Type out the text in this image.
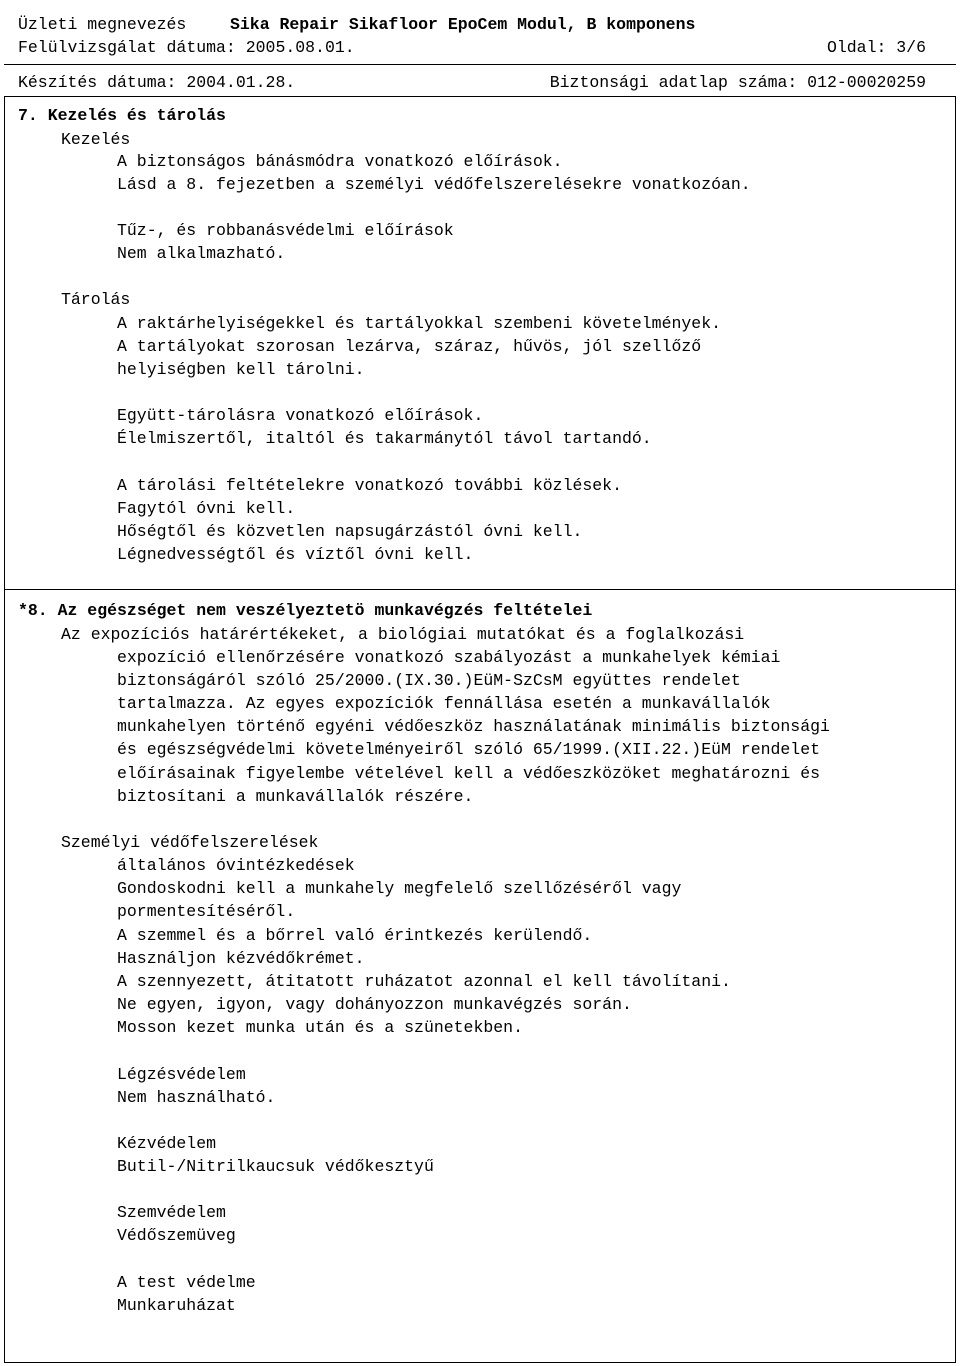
Üzleti megnevezés	Sika Repair Sikafloor EpoCem Modul, B komponens
Felülvizsgálat dátuma: 2005.08.01.	Oldal: 3/6
Készítés dátuma: 2004.01.28.	Biztonsági adatlap száma: 012-00020259
7. Kezelés és tárolás
Kezelés
A biztonságos bánásmódra vonatkozó előírások.
Lásd a 8. fejezetben a személyi védőfelszerelésekre vonatkozóan.
Tűz-, és robbanásvédelmi előírások
Nem alkalmazható.
Tárolás
A raktárhelyiségekkel és tartályokkal szembeni követelmények.
A tartályokat szorosan lezárva, száraz, hűvös, jól szellőző
helyiségben kell tárolni.
Együtt-tárolásra vonatkozó előírások.
Élelmiszertől, italtól és takarmánytól távol tartandó.
A tárolási feltételekre vonatkozó további közlések.
Fagytól óvni kell.
Hőségtől és közvetlen napsugárzástól óvni kell.
Légnedvességtől és víztől óvni kell.
*8. Az egészséget nem veszélyeztetö munkavégzés feltételei
Az expozíciós határértékeket, a biológiai mutatókat és a foglalkozási
expozíció ellenőrzésére vonatkozó szabályozást a munkahelyek kémiai
biztonságáról szóló 25/2000.(IX.30.)EüM-SzCsM együttes rendelet
tartalmazza. Az egyes expozíciók fennállása esetén a munkavállalók
munkahelyen történő egyéni védőeszköz használatának minimális biztonsági
és egészségvédelmi követelményeiről szóló 65/1999.(XII.22.)EüM rendelet
előírásainak figyelembe vételével kell a védőeszközöket meghatározni és
biztosítani a munkavállalók részére.
Személyi védőfelszerelések
általános óvintézkedések
Gondoskodni kell a munkahely megfelelő szellőzéséről vagy
pormentesítéséről.
A szemmel és a bőrrel való érintkezés kerülendő.
Használjon kézvédőkrémet.
A szennyezett, átitatott ruházatot azonnal el kell távolítani.
Ne egyen, igyon, vagy dohányozzon munkavégzés során.
Mosson kezet munka után és a szünetekben.
Légzésvédelem
Nem használható.
Kézvédelem
Butil-/Nitrilkaucsuk védőkesztyű
Szemvédelem
Védőszemüveg
A test védelme
Munkaruházat
